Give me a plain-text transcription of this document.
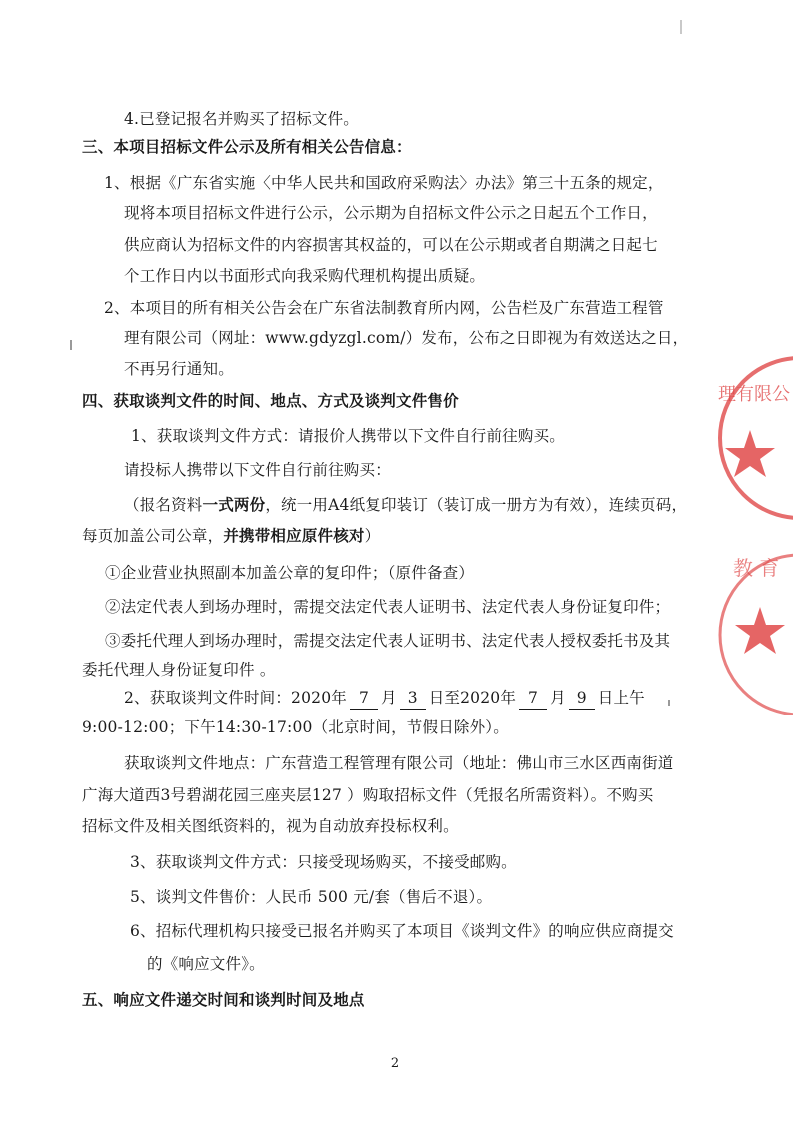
4.已登记报名并购买了招标文件。
三、本项目招标文件公示及所有相关公告信息：
1、根据《广东省实施〈中华人民共和国政府采购法〉办法》第三十五条的规定，
现将本项目招标文件进行公示，公示期为自招标文件公示之日起五个工作日，
供应商认为招标文件的内容损害其权益的，可以在公示期或者自期满之日起七
个工作日内以书面形式向我采购代理机构提出质疑。
2、本项目的所有相关公告会在广东省法制教育所内网，公告栏及广东营造工程管
理有限公司（网址：www.gdyzgl.com/）发布，公布之日即视为有效送达之日，
不再另行通知。
四、获取谈判文件的时间、地点、方式及谈判文件售价
1、获取谈判文件方式：请报价人携带以下文件自行前往购买。
请投标人携带以下文件自行前往购买：
（报名资料一式两份，统一用A4纸复印装订（装订成一册方为有效），连续页码，
每页加盖公司公章，并携带相应原件核对）
①企业营业执照副本加盖公章的复印件；（原件备查）
②法定代表人到场办理时，需提交法定代表人证明书、法定代表人身份证复印件；
③委托代理人到场办理时，需提交法定代表人证明书、法定代表人授权委托书及其
委托代理人身份证复印件 。
2、获取谈判文件时间：2020年 7 月 3 日至2020年 7 月 9 日上午
9:00-12:00；下午14:30-17:00（北京时间，节假日除外）。
获取谈判文件地点：广东营造工程管理有限公司（地址：佛山市三水区西南街道
广海大道西3号碧湖花园三座夹层127 ）购取招标文件（凭报名所需资料）。不购买
招标文件及相关图纸资料的，视为自动放弃投标权利。
3、获取谈判文件方式：只接受现场购买，不接受邮购。
5、谈判文件售价：人民币 500 元/套（售后不退）。
6、招标代理机构只接受已报名并购买了本项目《谈判文件》的响应供应商提交
的《响应文件》。
五、响应文件递交时间和谈判时间及地点
2
理有限公
教 育
